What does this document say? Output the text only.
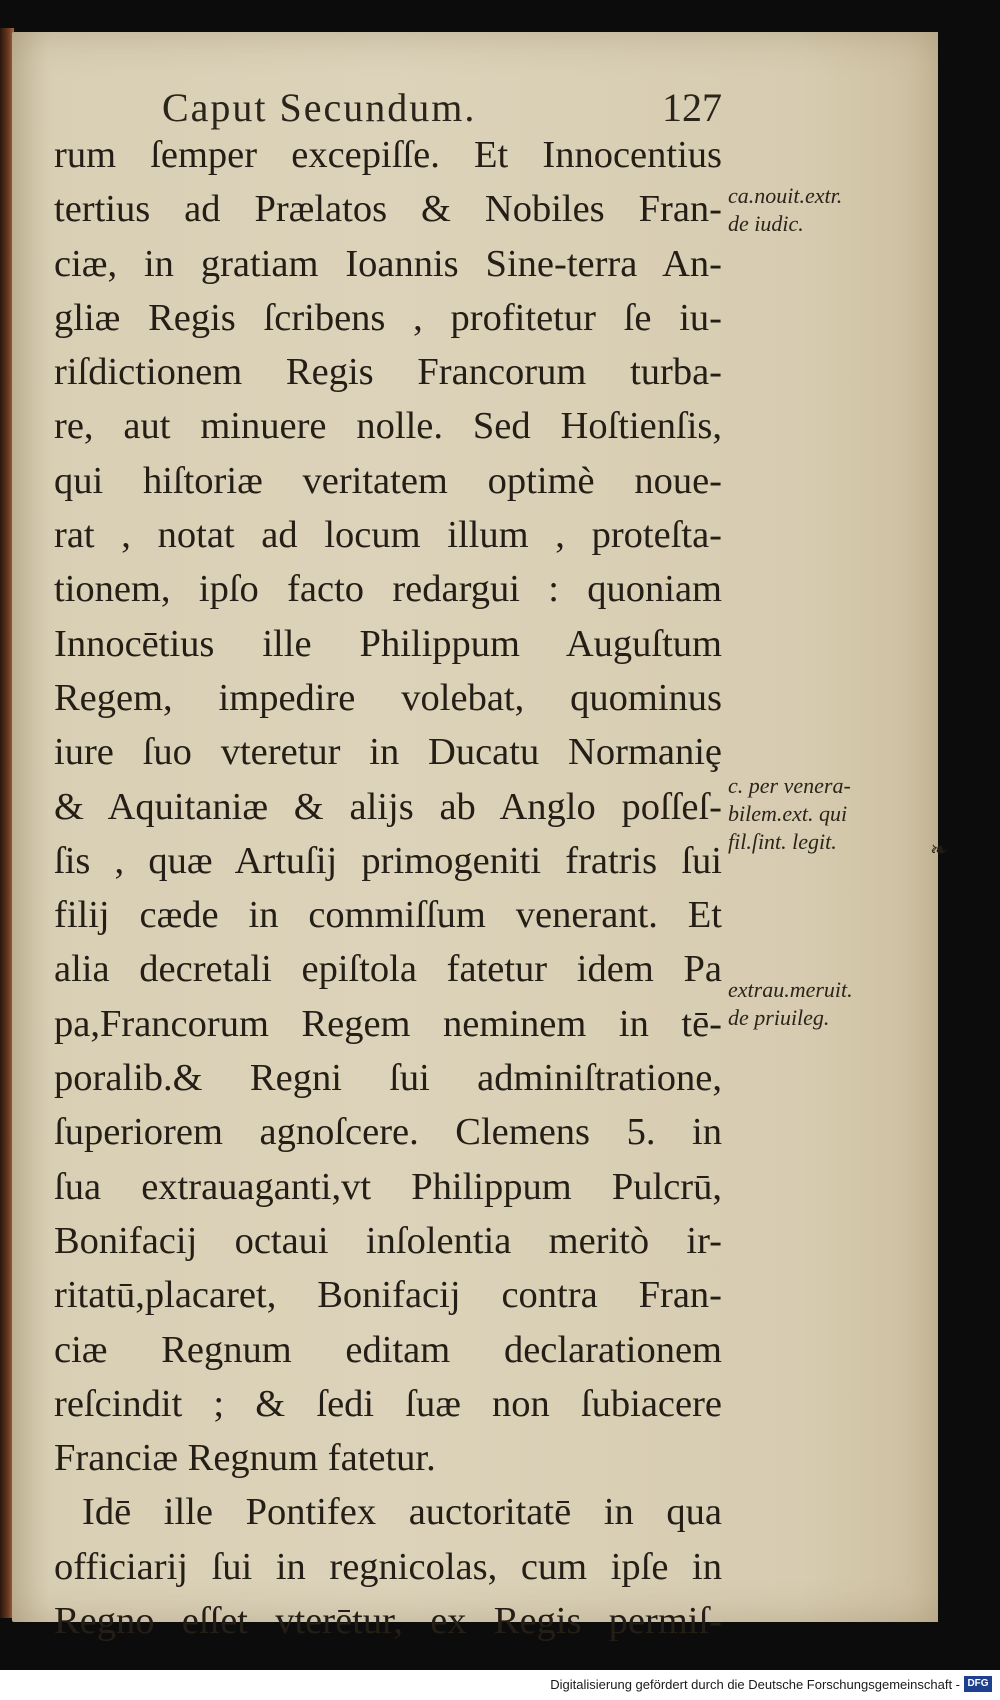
Caput Secundum.	127
rum ſemper excepiſſe. Et Innocentius
tertius ad Prælatos & Nobiles Fran-
ciæ, in gratiam Ioannis Sine-terra An-
gliæ Regis ſcribens , profitetur ſe iu-
riſdictionem Regis Francorum turba-
re, aut minuere nolle. Sed Hoſtienſis,
qui hiſtoriæ veritatem optimè noue-
rat , notat ad locum illum , proteſta-
tionem, ipſo facto redargui : quoniam
Innocētius ille Philippum Auguſtum
Regem, impedire volebat, quominus
iure ſuo vteretur in Ducatu Normaniȩ
& Aquitaniæ & alijs ab Anglo poſſeſ-
ſis , quæ Artuſij primogeniti fratris ſui
filij cæde in commiſſum venerant. Et
alia decretali epiſtola fatetur idem Pa
pa,Francorum Regem neminem in tē-
poralib.& Regni ſui adminiſtratione,
ſuperiorem agnoſcere. Clemens 5. in
ſua extrauaganti,vt Philippum Pulcrū,
Bonifacij octaui inſolentia meritò ir-
ritatū,placaret, Bonifacij contra Fran-
ciæ Regnum editam declarationem
reſcindit ; & ſedi ſuæ non ſubiacere
Franciæ Regnum fatetur.
Idē ille Pontifex auctoritatē in qua
officiarij ſui in regnicolas, cum ipſe in
Regno eſſet vterētur, ex Regis permiſ-
ca.nouit.extr.
de iudic.
c. per venera-
bilem.ext. qui
fil.ſint. legit.
extrau.meruit.
de priuileg.
❧
Digitalisierung gefördert durch die Deutsche Forschungsgemeinschaft - DFG
